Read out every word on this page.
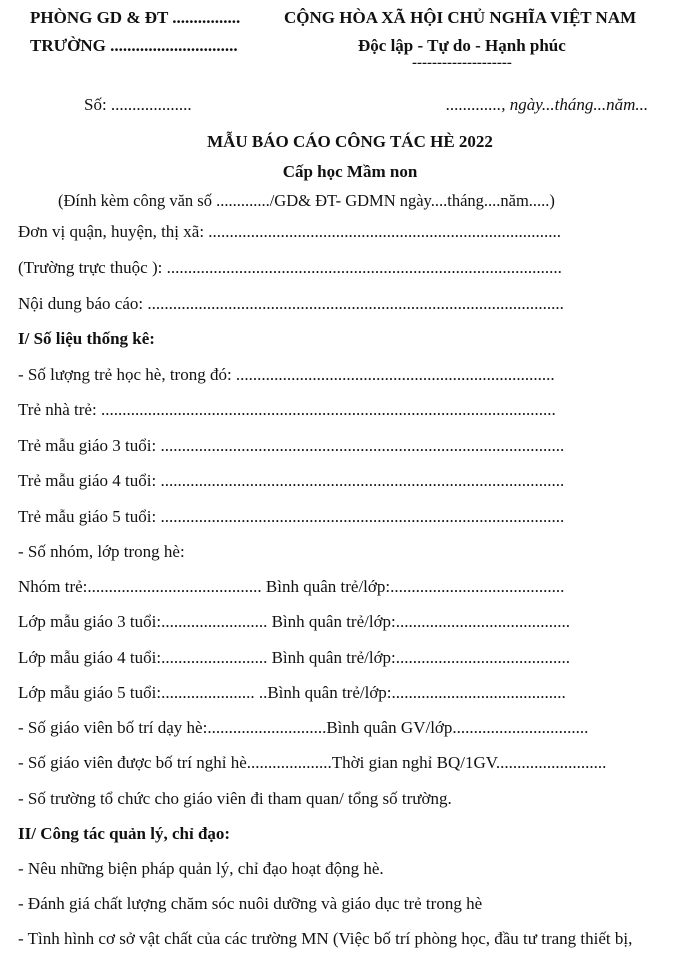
PHÒNG GD & ĐT ................
TRƯỜNG ..............................
CỘNG HÒA XÃ HỘI CHỦ NGHĨA VIỆT NAM
Độc lập - Tự do - Hạnh phúc
--------------------
Số: ...................	............., ngày...tháng...năm...
MẪU BÁO CÁO CÔNG TÁC HÈ 2022
Cấp học Mầm non
(Đính kèm công văn số ............./GD& ĐT- GDMN ngày....tháng....năm.....)
Đơn vị quận, huyện, thị xã: ...................................................................................
(Trường trực thuộc ): .............................................................................................
Nội dung báo cáo: ..................................................................................................
I/ Số liệu thống kê:
- Số lượng trẻ học hè, trong đó: ...........................................................................
Trẻ nhà trẻ: ...........................................................................................................
Trẻ mẫu giáo 3 tuổi: ...............................................................................................
Trẻ mẫu giáo 4 tuổi: ...............................................................................................
Trẻ mẫu giáo 5 tuổi: ...............................................................................................
- Số nhóm, lớp trong hè:
Nhóm trẻ:......................................... Bình quân trẻ/lớp:.........................................
Lớp mẫu giáo 3 tuổi:......................... Bình quân trẻ/lớp:.........................................
Lớp mẫu giáo 4 tuổi:......................... Bình quân trẻ/lớp:.........................................
Lớp mẫu giáo 5 tuổi:...................... ..Bình quân trẻ/lớp:.........................................
- Số giáo viên bố trí dạy hè:............................Bình quân GV/lớp................................
- Số giáo viên được bố trí nghỉ hè....................Thời gian nghỉ BQ/1GV..........................
- Số trường tổ chức cho giáo viên đi tham quan/ tổng số trường.
II/ Công tác quản lý, chỉ đạo:
- Nêu những biện pháp quản lý, chỉ đạo hoạt động hè.
- Đánh giá chất lượng chăm sóc nuôi dưỡng và giáo dục trẻ trong hè
- Tình hình cơ sở vật chất của các trường MN (Việc bố trí phòng học, đầu tư trang thiết bị,
